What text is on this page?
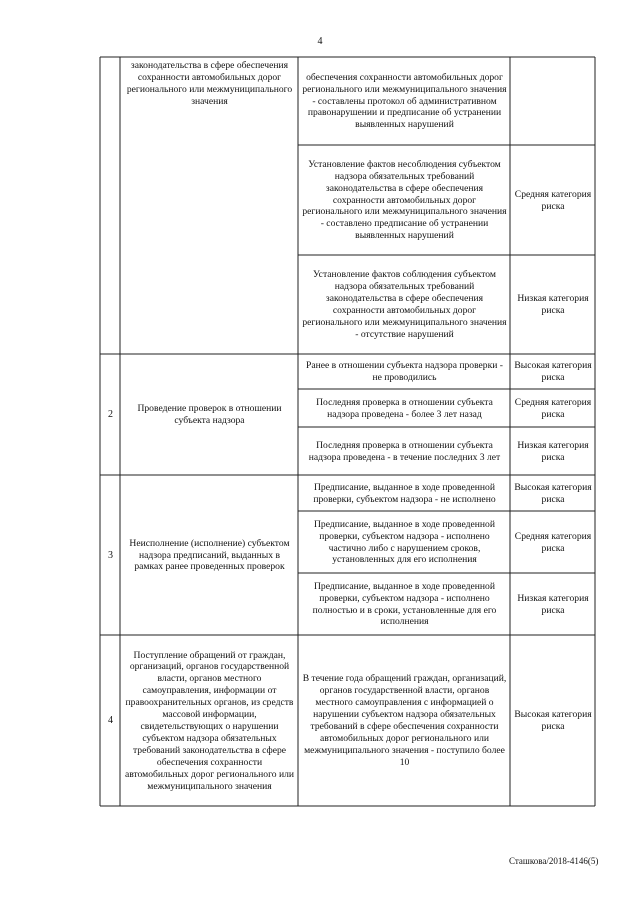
4
законодательства в сфере обеспечения сохранности автомобильных дорог регионального или межмуниципального значения
обеспечения сохранности автомобильных дорог регионального или межмуниципального значения - составлены протокол об административном правонарушении и предписание об устранении выявленных нарушений
Установление фактов несоблюдения субъектом надзора обязательных требований законодательства в сфере обеспечения сохранности автомобильных дорог регионального или межмуниципального значения - составлено предписание об устранении выявленных нарушений
Средняя категория риска
Установление фактов соблюдения субъектом надзора обязательных требований законодательства в сфере обеспечения сохранности автомобильных дорог регионального или межмуниципального значения - отсутствие нарушений
Низкая категория риска
2
Проведение проверок в отношении субъекта надзора
Ранее в отношении субъекта надзора проверки - не проводились
Высокая категория риска
Последняя проверка в отношении субъекта надзора проведена - более 3 лет назад
Средняя категория риска
Последняя проверка в отношении субъекта надзора проведена - в течение последних 3 лет
Низкая категория риска
3
Неисполнение (исполнение) субъектом надзора предписаний, выданных в рамках ранее проведенных проверок
Предписание, выданное в ходе проведенной проверки, субъектом надзора - не исполнено
Высокая категория риска
Предписание, выданное в ходе проведенной проверки, субъектом надзора - исполнено частично либо с нарушением сроков, установленных для его исполнения
Средняя категория риска
Предписание, выданное в ходе проведенной проверки, субъектом надзора - исполнено полностью и в сроки, установленные для его исполнения
Низкая категория риска
4
Поступление обращений от граждан, организаций, органов государственной власти, органов местного самоуправления, информации от правоохранительных органов, из средств массовой информации, свидетельствующих о нарушении субъектом надзора обязательных требований законодательства в сфере обеспечения сохранности автомобильных дорог регионального или межмуниципального значения
В течение года обращений граждан, организаций, органов государственной власти, органов местного самоуправления с информацией о нарушении субъектом надзора обязательных требований в сфере обеспечения сохранности автомобильных дорог регионального или межмуниципального значения - поступило более 10
Высокая категория риска
Сташкова/2018-4146(5)
